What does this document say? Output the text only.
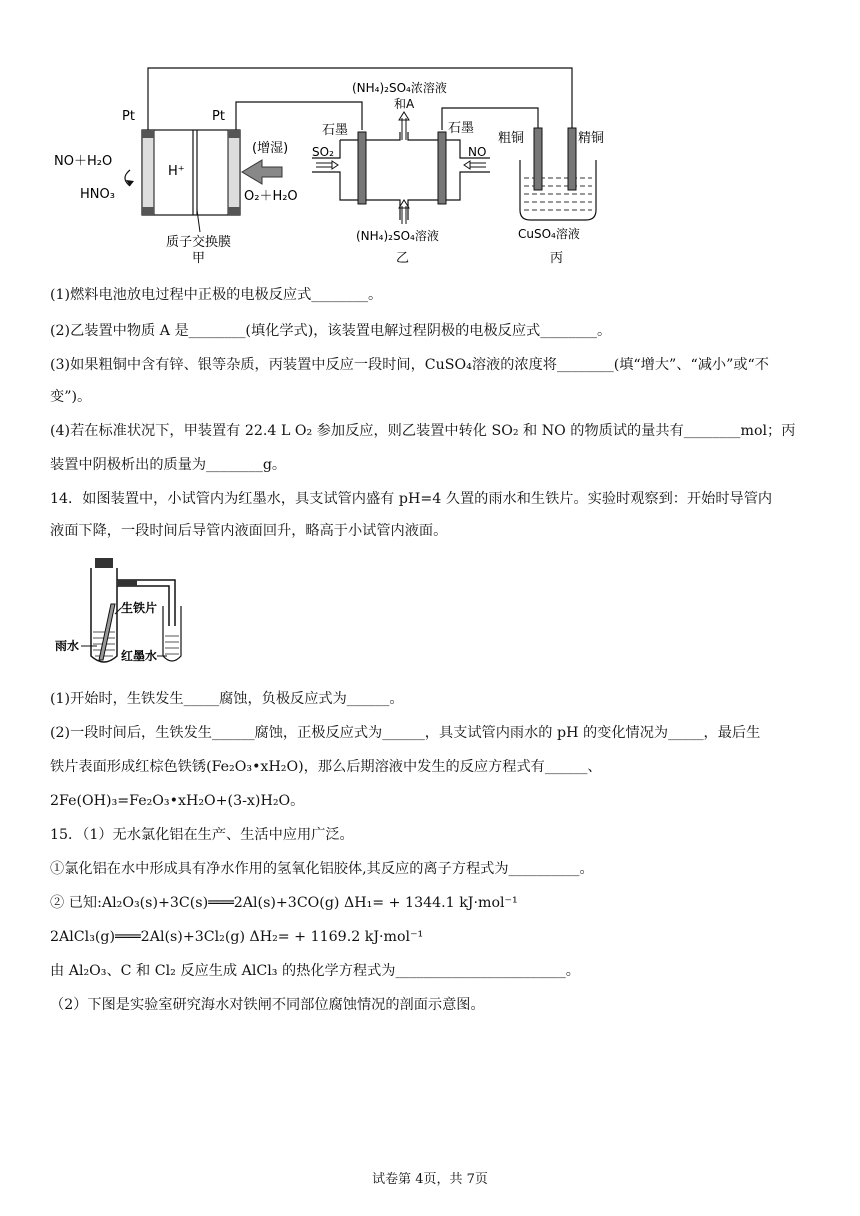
Pt	Pt
NO＋H₂O
HNO₃
H⁺
(增湿)
O₂＋H₂O
质子交换膜
甲
(NH₄)₂SO₄浓溶液
和A
石墨	石墨
SO₂	NO
(NH₄)₂SO₄溶液
乙
粗铜	精铜
CuSO₄溶液
丙
(1)燃料电池放电过程中正极的电极反应式________。
(2)乙装置中物质 A 是________(填化学式)，该装置电解过程阴极的电极反应式________。
(3)如果粗铜中含有锌、银等杂质，丙装置中反应一段时间，CuSO₄溶液的浓度将________(填“增大”、“减小”或“不
变”)。
(4)若在标准状况下，甲装置有 22.4 L O₂ 参加反应，则乙装置中转化 SO₂ 和 NO 的物质试的量共有________mol；丙
装置中阴极析出的质量为________g。
14．如图装置中，小试管内为红墨水，具支试管内盛有 pH=4 久置的雨水和生铁片。实验时观察到：开始时导管内
液面下降，一段时间后导管内液面回升，略高于小试管内液面。
生铁片
雨水
红墨水
(1)开始时，生铁发生_____腐蚀，负极反应式为______。
(2)一段时间后，生铁发生______腐蚀，正极反应式为______，具支试管内雨水的 pH 的变化情况为_____，最后生
铁片表面形成红棕色铁锈(Fe₂O₃•xH₂O)，那么后期溶液中发生的反应方程式有______、
2Fe(OH)₃=Fe₂O₃•xH₂O+(3-x)H₂O。
15．（1）无水氯化铝在生产、生活中应用广泛。
①氯化铝在水中形成具有净水作用的氢氧化铝胶体,其反应的离子方程式为__________。
② 已知:Al₂O₃(s)+3C(s)═══2Al(s)+3CO(g) ΔH₁= + 1344.1 kJ·mol⁻¹
2AlCl₃(g)═══2Al(s)+3Cl₂(g) ΔH₂= + 1169.2 kJ·mol⁻¹
由 Al₂O₃、C 和 Cl₂ 反应生成 AlCl₃ 的热化学方程式为________________________。
（2）下图是实验室研究海水对铁闸不同部位腐蚀情况的剖面示意图。
试卷第 4页，共 7页
